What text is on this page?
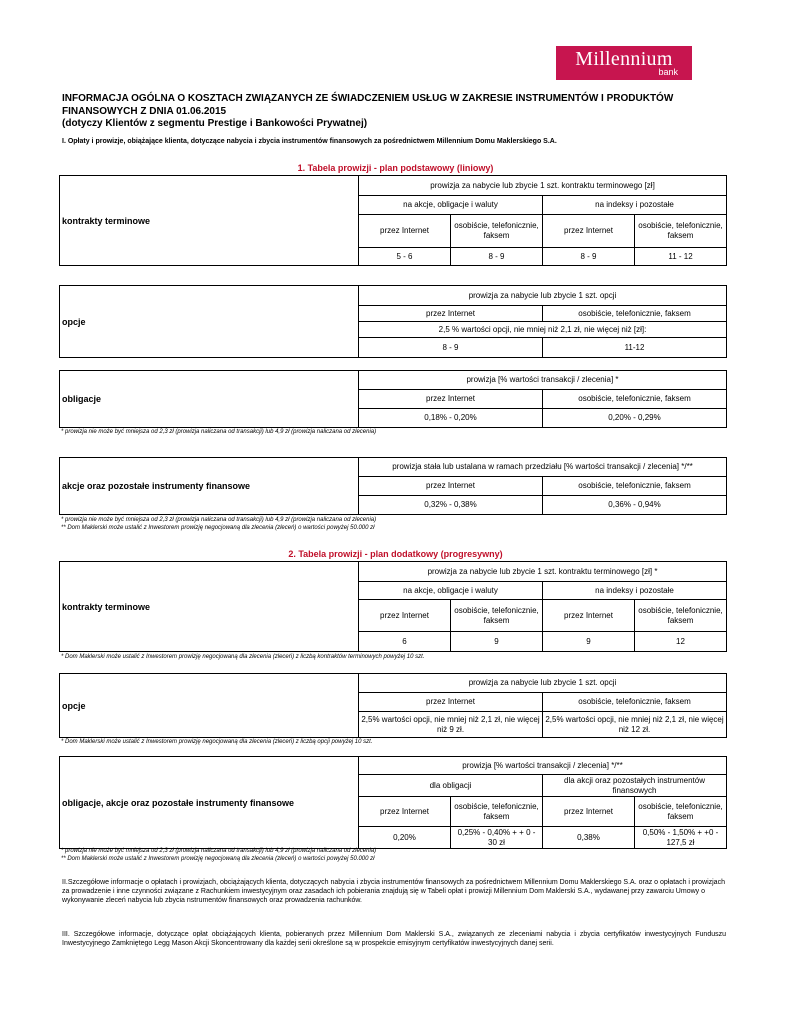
Millennium
bank
INFORMACJA OGÓLNA O KOSZTACH ZWIĄZANYCH ZE ŚWIADCZENIEM USŁUG W ZAKRESIE INSTRUMENTÓW I PRODUKTÓW
FINANSOWYCH Z DNIA 01.06.2015
(dotyczy Klientów z segmentu Prestige i Bankowości Prywatnej)
I. Opłaty i prowizje, obiążające klienta, dotyczące nabycia i zbycia instrumentów finansowych za pośrednictwem Millennium Domu Maklerskiego S.A.
1. Tabela prowizji - plan podstawowy (liniowy)
kontrakty terminowe	prowizja za nabycie lub zbycie 1 szt. kontraktu terminowego [zł]			
	na akcje, obligacje i waluty		na indeksy i pozostałe	
	przez Internet	osobiście, telefonicznie, faksem	przez Internet	osobiście, telefonicznie, faksem
	5 - 6	8 - 9	8 - 9	11 - 12
opcje	prowizja za nabycie lub zbycie 1 szt. opcji	
	przez Internet	osobiście, telefonicznie, faksem
	2,5 % wartości opcji, nie mniej niż 2,1 zł, nie więcej niż [zł]:	
	8 - 9	11-12
obligacje	prowizja [% wartości transakcji / zlecenia] *	
	przez Internet	osobiście, telefonicznie, faksem
	0,18% - 0,20%	0,20% - 0,29%
* prowizja nie może być mniejsza od 2,3 zł (prowizja naliczana od transakcji) lub 4,9 zł (prowizja naliczana od zlecenia)
akcje oraz pozostałe instrumenty finansowe	prowizja stała lub ustalana w ramach przedziału [% wartości transakcji / zlecenia] */**	
	przez Internet	osobiście, telefonicznie, faksem
	0,32% - 0,38%	0,36% - 0,94%
* prowizja nie może być mniejsza od 2,3 zł (prowizja naliczana od transakcji) lub 4,9 zł (prowizja naliczana od zlecenia)
** Dom Maklerski może ustalić z Inwestorem prowizję negocjowaną dla zlecenia (zleceń) o wartości powyżej 50.000 zł
2. Tabela prowizji - plan dodatkowy (progresywny)
kontrakty terminowe	prowizja za nabycie lub zbycie 1 szt. kontraktu terminowego [zł] *			
	na akcje, obligacje i waluty		na indeksy i pozostałe	
	przez Internet	osobiście, telefonicznie, faksem	przez Internet	osobiście, telefonicznie, faksem
	6	9	9	12
* Dom Maklerski może ustalić z Inwestorem prowizję negocjowaną dla zlecenia (zleceń) z liczbą kontraktów terminowych powyżej 10 szt.
opcje	prowizja za nabycie lub zbycie 1 szt. opcji	
	przez Internet	osobiście, telefonicznie, faksem
	2,5% wartości opcji, nie mniej niż 2,1 zł, nie więcej niż 9 zł.	2,5% wartości opcji, nie mniej niż 2,1 zł, nie więcej niż 12 zł.
* Dom Maklerski może ustalić z Inwestorem prowizję negocjowaną dla zlecenia (zleceń) z liczbą opcji powyżej 10 szt.
obligacje, akcje oraz pozostałe instrumenty finansowe	prowizja [% wartości transakcji / zlecenia] */**			
	dla obligacji		dla akcji oraz pozostałych instrumentów finansowych	
	przez Internet	osobiście, telefonicznie, faksem	przez Internet	osobiście, telefonicznie, faksem
	0,20%	0,25% - 0,40% + + 0 - 30 zł	0,38%	0,50% - 1,50% + +0 - 127,5 zł
* prowizja nie może być mniejsza od 2,3 zł (prowizja naliczana od transakcji) lub 4,9 zł (prowizja naliczana od zlecenia)
** Dom Maklerski może ustalić z Inwestorem prowizję negocjowaną dla zlecenia (zleceń) o wartości powyżej 50.000 zł
II.Szczegółowe informacje o opłatach i prowizjach, obciążających klienta, dotyczących nabycia i zbycia instrumentów finansowych za pośrednictwem Millennium Domu Maklerskiego S.A. oraz o opłatach i prowizjach za prowadzenie i inne czynności związane z Rachunkiem inwestycyjnym oraz zasadach ich pobierania znajdują się w Tabeli opłat i prowizji Millennium Dom Maklerski S.A., wydawanej przy zawarciu Umowy o wykonywanie zleceń nabycia lub zbycia nstrumentów finansowych oraz prowadzenia rachunków.
III. Szczegółowe informacje, dotyczące opłat obciążających klienta, pobieranych przez Millennium Dom Maklerski S.A., związanych ze zleceniami nabycia i zbycia certyfikatów inwestycyjnych Funduszu Inwestycyjnego Zamkniętego Legg Mason Akcji Skoncentrowany dla każdej serii określone są w prospekcie emisyjnym certyfikatów inwestycyjnych danej serii.
